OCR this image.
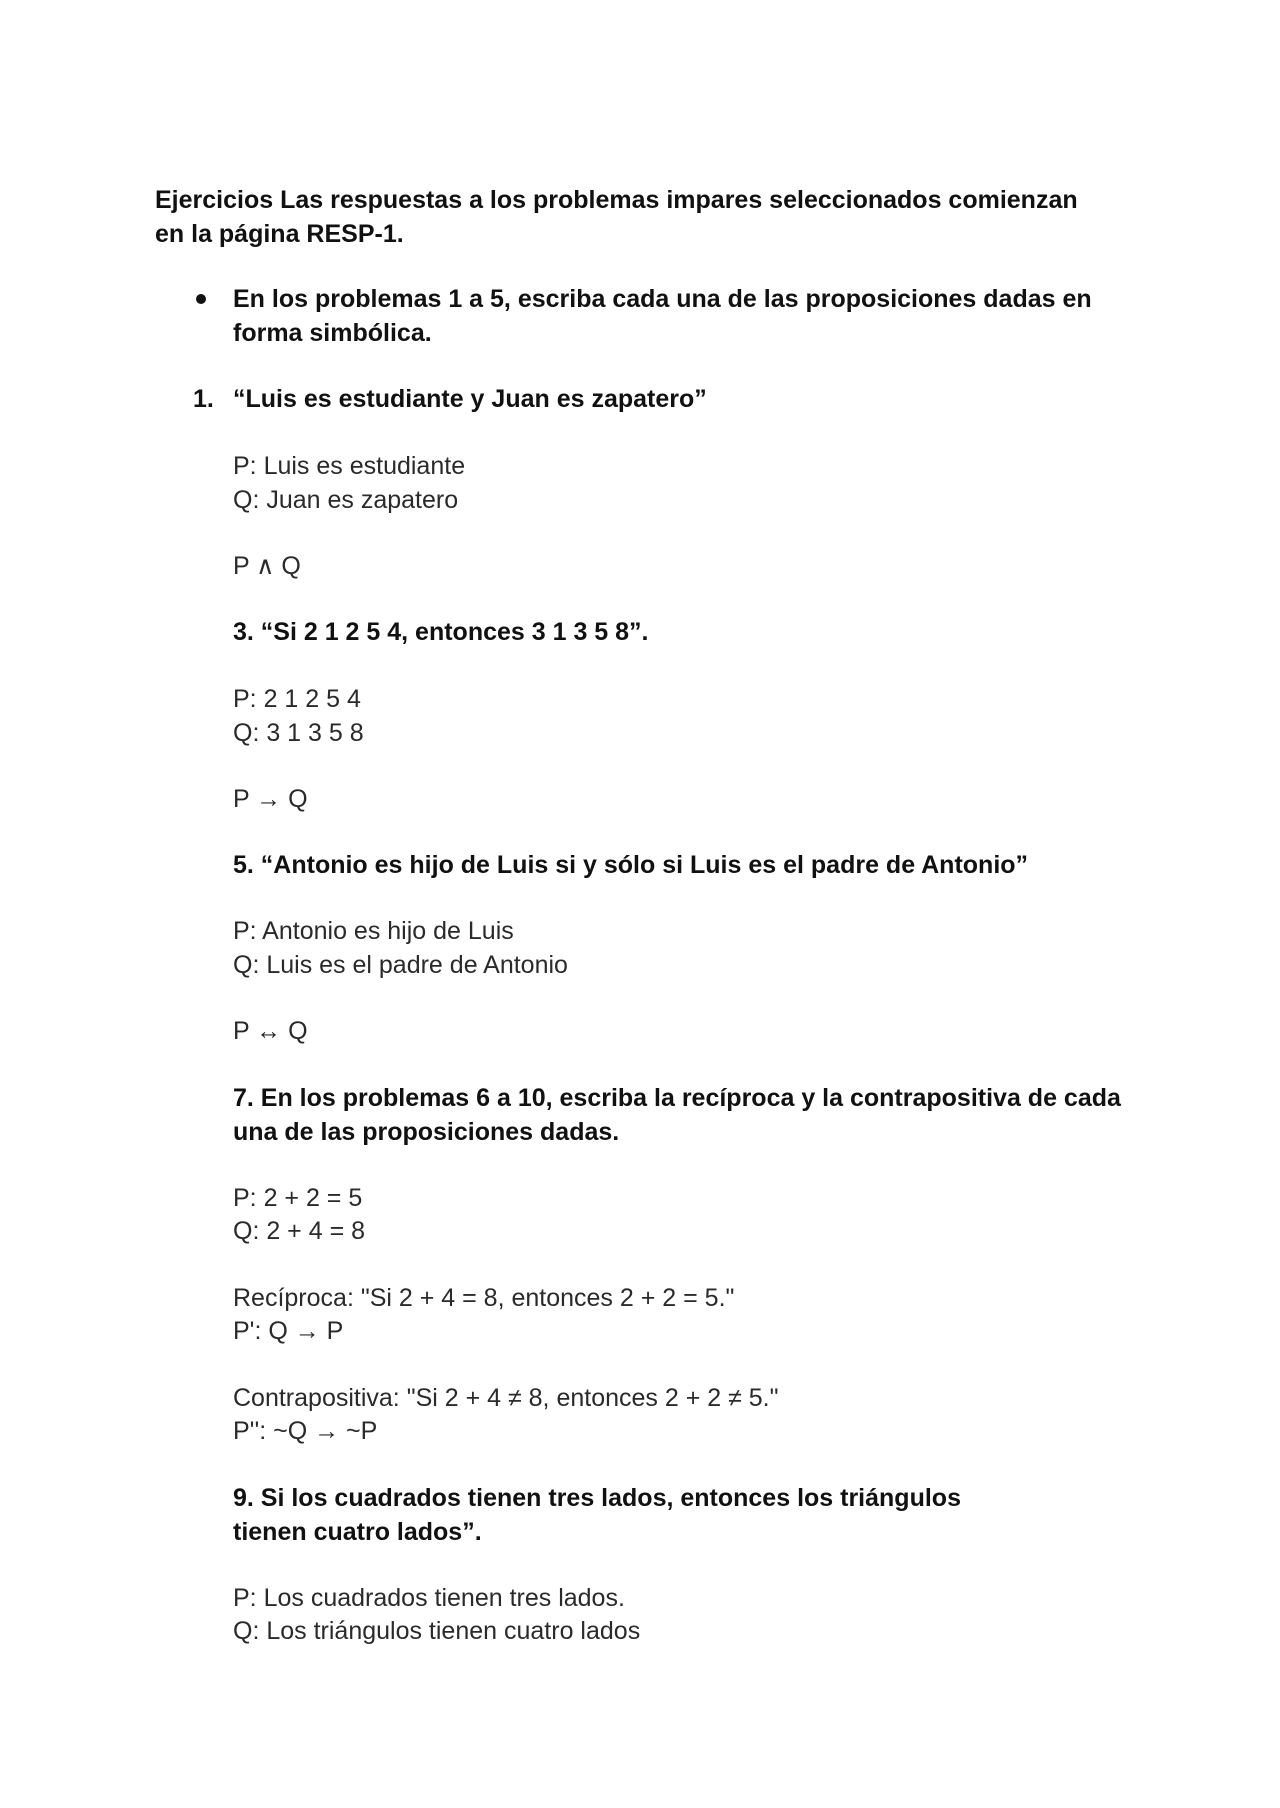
Ejercicios Las respuestas a los problemas impares seleccionados comienzan
en la página RESP-1.
En los problemas 1 a 5, escriba cada una de las proposiciones dadas en
forma simbólica.
1. “Luis es estudiante y Juan es zapatero”
P: Luis es estudiante
Q: Juan es zapatero
P ∧ Q
3. “Si 2 1 2 5 4, entonces 3 1 3 5 8”.
P: 2 1 2 5 4
Q: 3 1 3 5 8
P → Q
5. “Antonio es hijo de Luis si y sólo si Luis es el padre de Antonio”
P: Antonio es hijo de Luis
Q: Luis es el padre de Antonio
P ↔ Q
7. En los problemas 6 a 10, escriba la recíproca y la contrapositiva de cada
una de las proposiciones dadas.
P: 2 + 2 = 5
Q: 2 + 4 = 8
Recíproca: "Si 2 + 4 = 8, entonces 2 + 2 = 5."
P': Q → P
Contrapositiva: "Si 2 + 4 ≠ 8, entonces 2 + 2 ≠ 5."
P'': ~Q → ~P
9. Si los cuadrados tienen tres lados, entonces los triángulos
tienen cuatro lados”.
P: Los cuadrados tienen tres lados.
Q: Los triángulos tienen cuatro lados
